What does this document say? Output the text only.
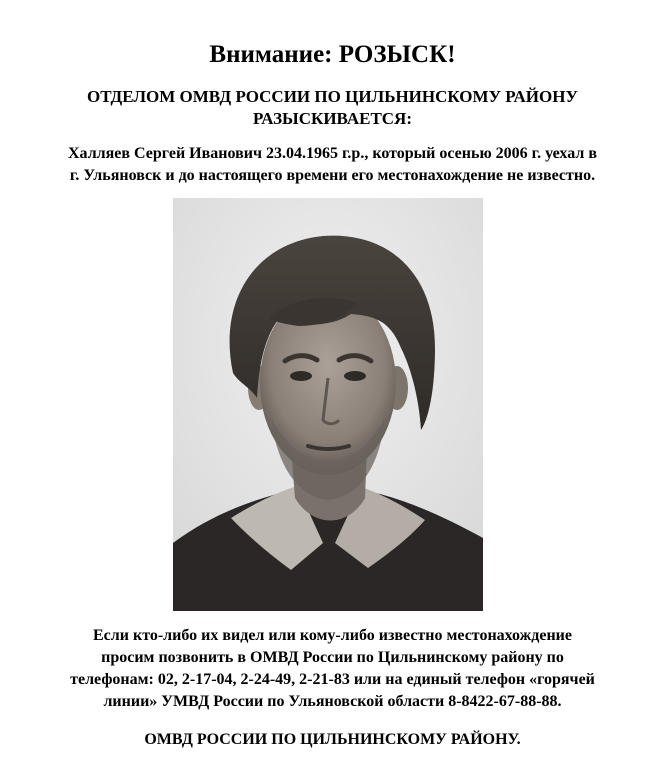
Внимание: РОЗЫСК!
ОТДЕЛОМ ОМВД РОССИИ ПО ЦИЛЬНИНСКОМУ РАЙОНУ
РАЗЫСКИВАЕТСЯ:
Халляев Сергей Иванович 23.04.1965 г.р., который осенью 2006 г. уехал в
г. Ульяновск и до настоящего времени его местонахождение не известно.
Если кто-либо их видел или кому-либо известно местонахождение
просим позвонить в ОМВД России по Цильнинскому району по
телефонам: 02, 2-17-04, 2-24-49, 2-21-83 или на единый телефон «горячей
линии» УМВД России по Ульяновской области 8-8422-67-88-88.
ОМВД РОССИИ ПО ЦИЛЬНИНСКОМУ РАЙОНУ.
